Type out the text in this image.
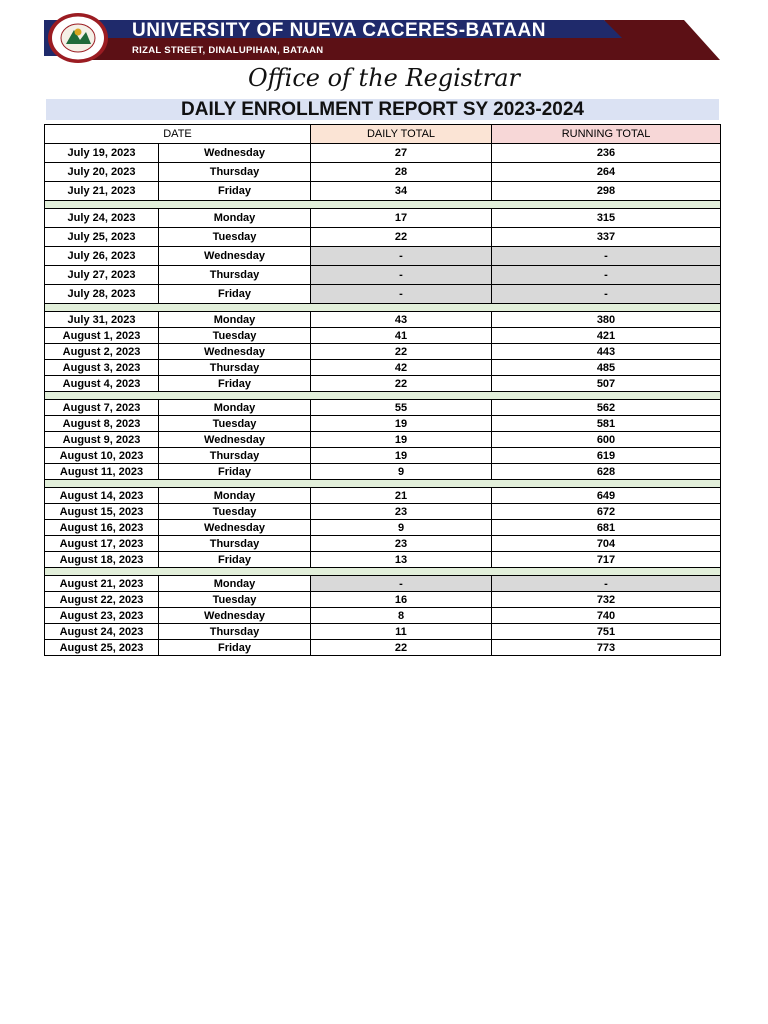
UNIVERSITY OF NUEVA CACERES-BATAAN
RIZAL STREET, DINALUPIHAN, BATAAN
Office of the Registrar
DAILY ENROLLMENT REPORT SY 2023-2024
DATE		DAILY TOTAL	RUNNING TOTAL
July 19, 2023	Wednesday	27	236
July 20, 2023	Thursday	28	264
July 21, 2023	Friday	34	298

July 24, 2023	Monday	17	315
July 25, 2023	Tuesday	22	337
July 26, 2023	Wednesday	-	-
July 27, 2023	Thursday	-	-
July 28, 2023	Friday	-	-

July 31, 2023	Monday	43	380
August 1, 2023	Tuesday	41	421
August 2, 2023	Wednesday	22	443
August 3, 2023	Thursday	42	485
August 4, 2023	Friday	22	507

August 7, 2023	Monday	55	562
August 8, 2023	Tuesday	19	581
August 9, 2023	Wednesday	19	600
August 10, 2023	Thursday	19	619
August 11, 2023	Friday	9	628

August 14, 2023	Monday	21	649
August 15, 2023	Tuesday	23	672
August 16, 2023	Wednesday	9	681
August 17, 2023	Thursday	23	704
August 18, 2023	Friday	13	717

August 21, 2023	Monday	-	-
August 22, 2023	Tuesday	16	732
August 23, 2023	Wednesday	8	740
August 24, 2023	Thursday	11	751
August 25, 2023	Friday	22	773
